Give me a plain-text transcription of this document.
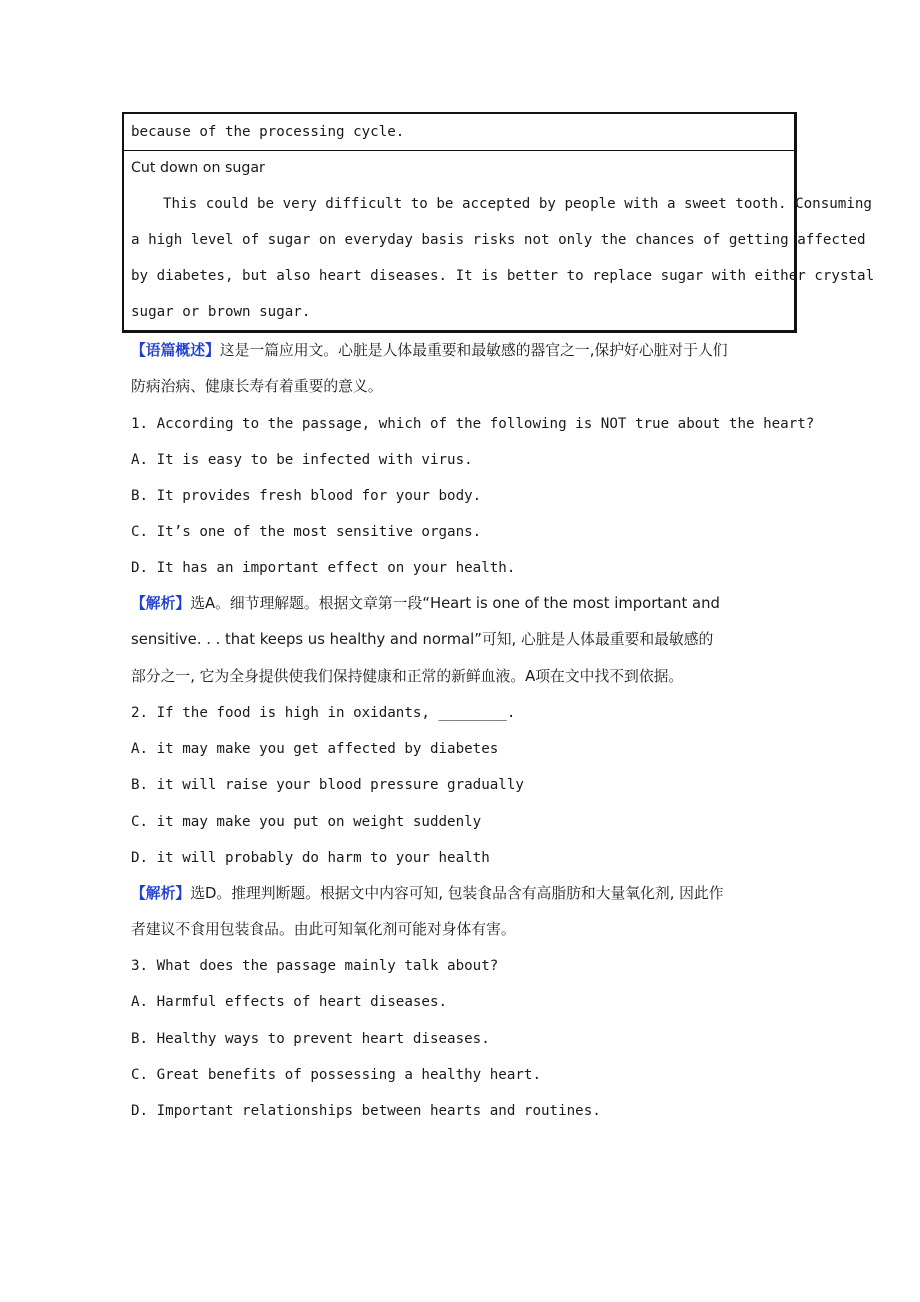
because of the processing cycle.
Cut down on sugar
This could be very difficult to be accepted by people with a sweet tooth. Consuming
a high level of sugar on everyday basis risks not only the chances of getting affected
by diabetes, but also heart diseases. It is better to replace sugar with either crystal
sugar or brown sugar.
【语篇概述】这是一篇应用文。心脏是人体最重要和最敏感的器官之一,保护好心脏对于人们
防病治病、健康长寿有着重要的意义。
1. According to the passage, which of the following is NOT true about the heart?
A. It is easy to be infected with virus.
B. It provides fresh blood for your body.
C. It’s one of the most sensitive organs.
D. It has an important effect on your health.
【解析】选A。细节理解题。根据文章第一段“Heart is one of the most important and
sensitive. . . that keeps us healthy and normal”可知, 心脏是人体最重要和最敏感的
部分之一, 它为全身提供使我们保持健康和正常的新鲜血液。A项在文中找不到依据。
2. If the food is high in oxidants, ________.
A. it may make you get affected by diabetes
B. it will raise your blood pressure gradually
C. it may make you put on weight suddenly
D. it will probably do harm to your health
【解析】选D。推理判断题。根据文中内容可知, 包装食品含有高脂肪和大量氧化剂, 因此作
者建议不食用包装食品。由此可知氧化剂可能对身体有害。
3. What does the passage mainly talk about?
A. Harmful effects of heart diseases.
B. Healthy ways to prevent heart diseases.
C. Great benefits of possessing a healthy heart.
D. Important relationships between hearts and routines.
